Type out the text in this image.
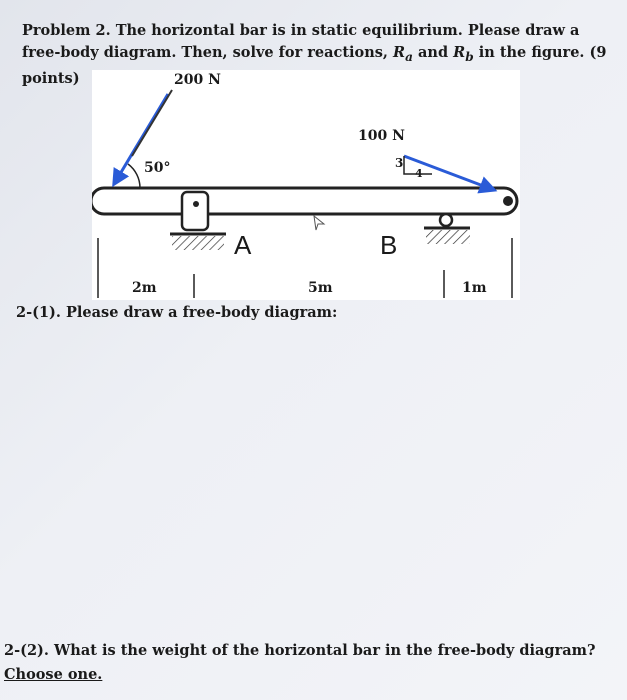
Problem 2. The horizontal bar is in static equilibrium. Please draw a free-body diagram. Then, solve for reactions, $R_a$ and $R_b$ in the figure. (9 points)	200 N
50°
100 N
3
4
A	B
2m	5m	1m

2-(1). Please draw a free-body diagram:

2-(2). What is the weight of the horizontal bar in the free-body diagram?

Choose one.
